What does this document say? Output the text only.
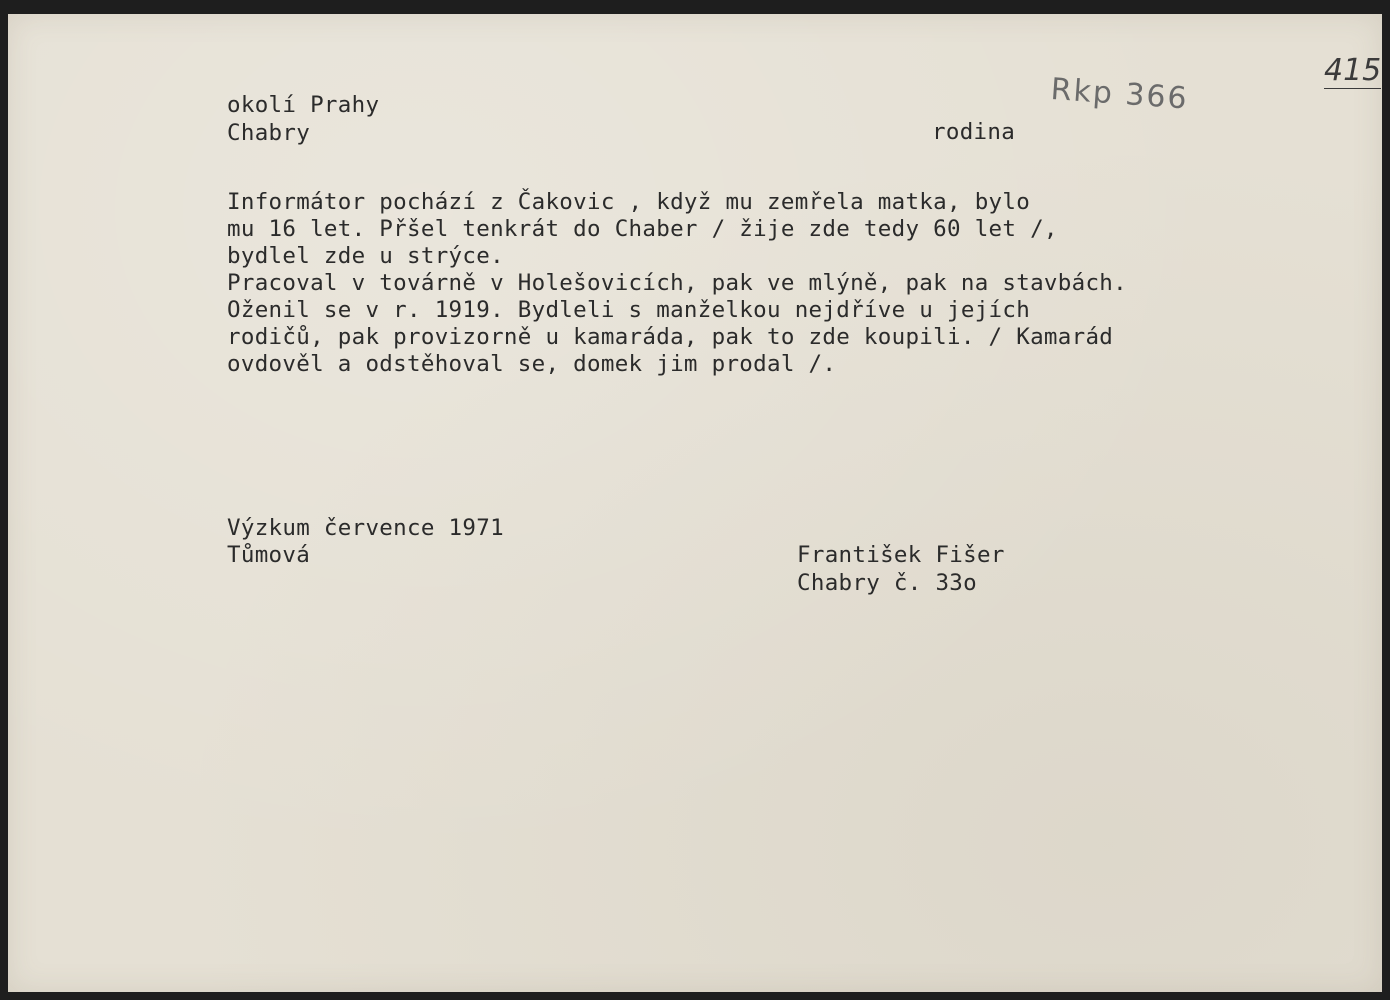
okolí Prahy
Chabry	rodina
Rkp 366
415
Informátor pochází z Čakovic , když mu zemřela matka, bylo
mu 16 let. Přšel tenkrát do Chaber / žije zde tedy 60 let /,
bydlel zde u strýce.
Pracoval v továrně v Holešovicích, pak ve mlýně, pak na stavbách.
Oženil se v r. 1919. Bydleli s manželkou nejdříve u jejích
rodičů, pak provizorně u kamaráda, pak to zde koupili. / Kamarád
ovdověl a odstěhoval se, domek jim prodal /.
Výzkum července 1971
Tůmová	František Fišer
Chabry č. 33o
